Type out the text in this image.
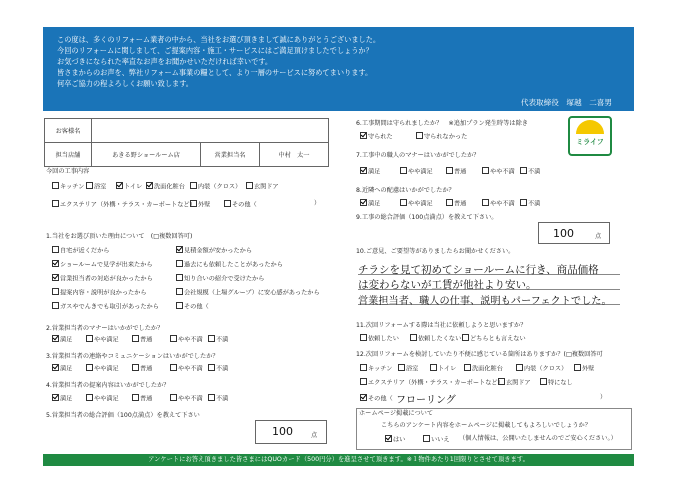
この度は、多くのリフォーム業者の中から、当社をお選び頂きまして誠にありがとうございました。
今回のリフォームに関しまして、ご提案内容・施工・サービスにはご満足頂けましたでしょうか？
お気づきになられた率直なお声をお聞かせいただければ幸いです。
皆さまからのお声を、弊社リフォーム事業の糧として、より一層のサービスに努めてまいります。
何卒ご協力の程よろしくお願い致します。
代表取締役　塚越　二喜男
ミライフ
お客様名			
担当店舗	あきる野ショールーム店	営業担当名	中村　太一
今回の工事内容
キッチン	浴室	トイレ	洗面化粧台	内装（クロス）	玄関ドア
エクステリア（外構・テラス・カーポートなど） 外壁	その他（	）
1.当社をお選び頂いた理由について　(□複数回答可)
自宅が近くだから	見積金額が安かったから
ショールームで見学が出来たから	過去にも依頼したことがあったから
営業担当者の対応が良かったから	知り合いの紹介で受けたから
提案内容・説明が良かったから	会社規模（上場グループ）に安心感があったから
ガスやでんきでも取引があったから	その他（
2.営業担当者のマナーはいかがでしたか？
満足	やや満足	普通	やや不満	不満
3.営業担当者の連絡やコミュニケーションはいかがでしたか？
満足	やや満足	普通	やや不満	不満
4.営業担当者の提案内容はいかがでしたか？
満足	やや満足	普通	やや不満	不満
5.営業担当者の総合評価（100点満点）を教えて下さい
100	点
6.工事期間は守られましたか？　※追加プラン発生時等は除き
守られた	守られなかった
7.工事中の職人のマナーはいかがでしたか？
満足	やや満足	普通	やや不満	不満
8.近隣への配慮はいかがでしたか？
満足	やや満足	普通	やや不満	不満
9.工事の総合評価（100点満点）を教えて下さい。
100	点
10.ご意見、ご要望等がありましたらお聞かせください。
チラシを見て初めてショールームに行き、商品価格
は変わらないが工賃が他社より安い。
営業担当者、職人の仕事、説明もパーフェクトでした。
11.次回リフォームする際は当社に依頼しようと思いますか？
依頼したい	依頼したくない	どちらとも言えない
12.次回リフォームを検討していたり不便に感じている箇所はありますか？(□複数回答可
キッチン	浴室	トイレ	洗面化粧台	内装（クロス）	外壁
エクステリア（外構・テラス・カーポートなど） 玄関ドア	特になし
その他（ フローリング	）
ホームページ掲載について
こちらのアンケート内容をホームページに掲載してもよろしいでしょうか？
はい	いいえ （個人情報は、公開いたしませんのでご安心ください。）
アンケートにお答え頂きました皆さまにはQUOカード（500円分）を進呈させて頂きます。※１物件あたり1回限りとさせて頂きます。
